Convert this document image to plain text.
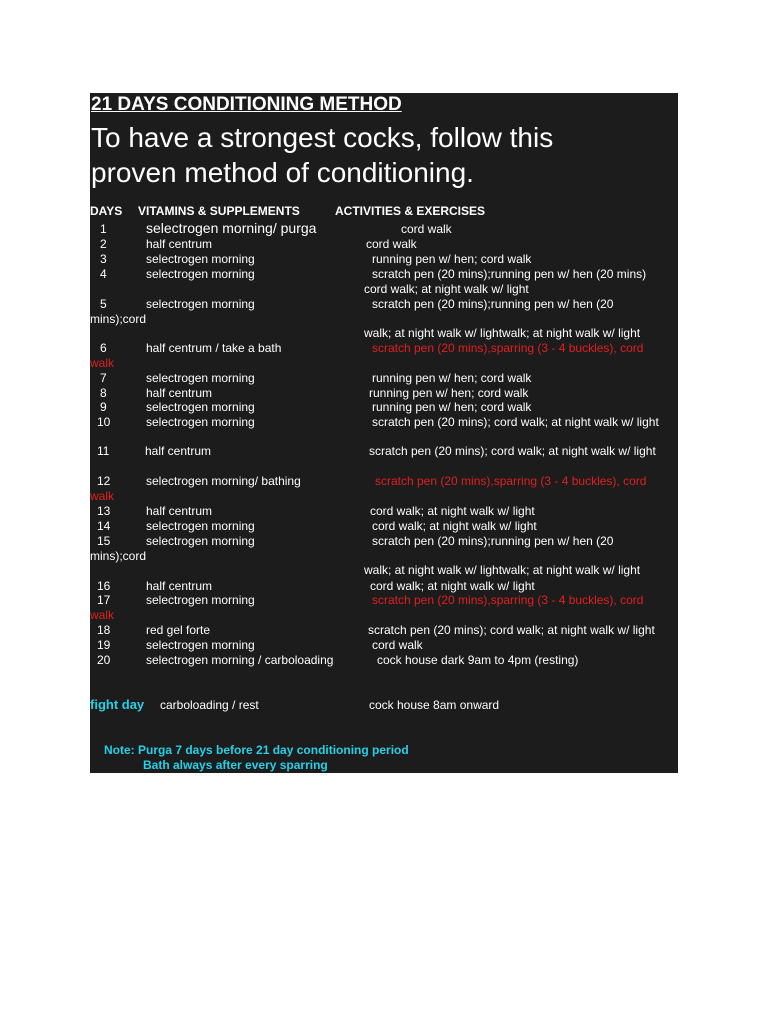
21 DAYS CONDITIONING METHOD
To have a strongest cocks, follow this
proven method of conditioning.
DAYS VITAMINS & SUPPLEMENTS	ACTIVITIES & EXERCISES
1	selectrogen morning/ purga	cord walk
2	half centrum	cord walk
3	selectrogen morning	running pen w/ hen; cord walk
4	selectrogen morning	scratch pen (20 mins);running pen w/ hen (20 mins)
cord walk; at night walk w/ light
5	selectrogen morning	scratch pen (20 mins);running pen w/ hen (20
mins);cord
walk; at night walk w/ lightwalk; at night walk w/ light
6	half centrum / take a bath	scratch pen (20 mins),sparring (3 - 4 buckles), cord
walk
7	selectrogen morning	running pen w/ hen; cord walk
8	half centrum	running pen w/ hen; cord walk
9	selectrogen morning	running pen w/ hen; cord walk
10	selectrogen morning	scratch pen (20 mins); cord walk; at night walk w/ light
11	half centrum	scratch pen (20 mins); cord walk; at night walk w/ light
12	selectrogen morning/ bathing	scratch pen (20 mins),sparring (3 - 4 buckles), cord
walk
13	half centrum	cord walk; at night walk w/ light
14	selectrogen morning	cord walk; at night walk w/ light
15	selectrogen morning	scratch pen (20 mins);running pen w/ hen (20
mins);cord
walk; at night walk w/ lightwalk; at night walk w/ light
16	half centrum	cord walk; at night walk w/ light
17	selectrogen morning	scratch pen (20 mins),sparring (3 - 4 buckles), cord
walk
18	red gel forte	scratch pen (20 mins); cord walk; at night walk w/ light
19	selectrogen morning	cord walk
20	selectrogen morning / carboloading	cock house dark 9am to 4pm (resting)
fight day carboloading / rest	cock house 8am onward
Note: Purga 7 days before 21 day conditioning period
Bath always after every sparring
